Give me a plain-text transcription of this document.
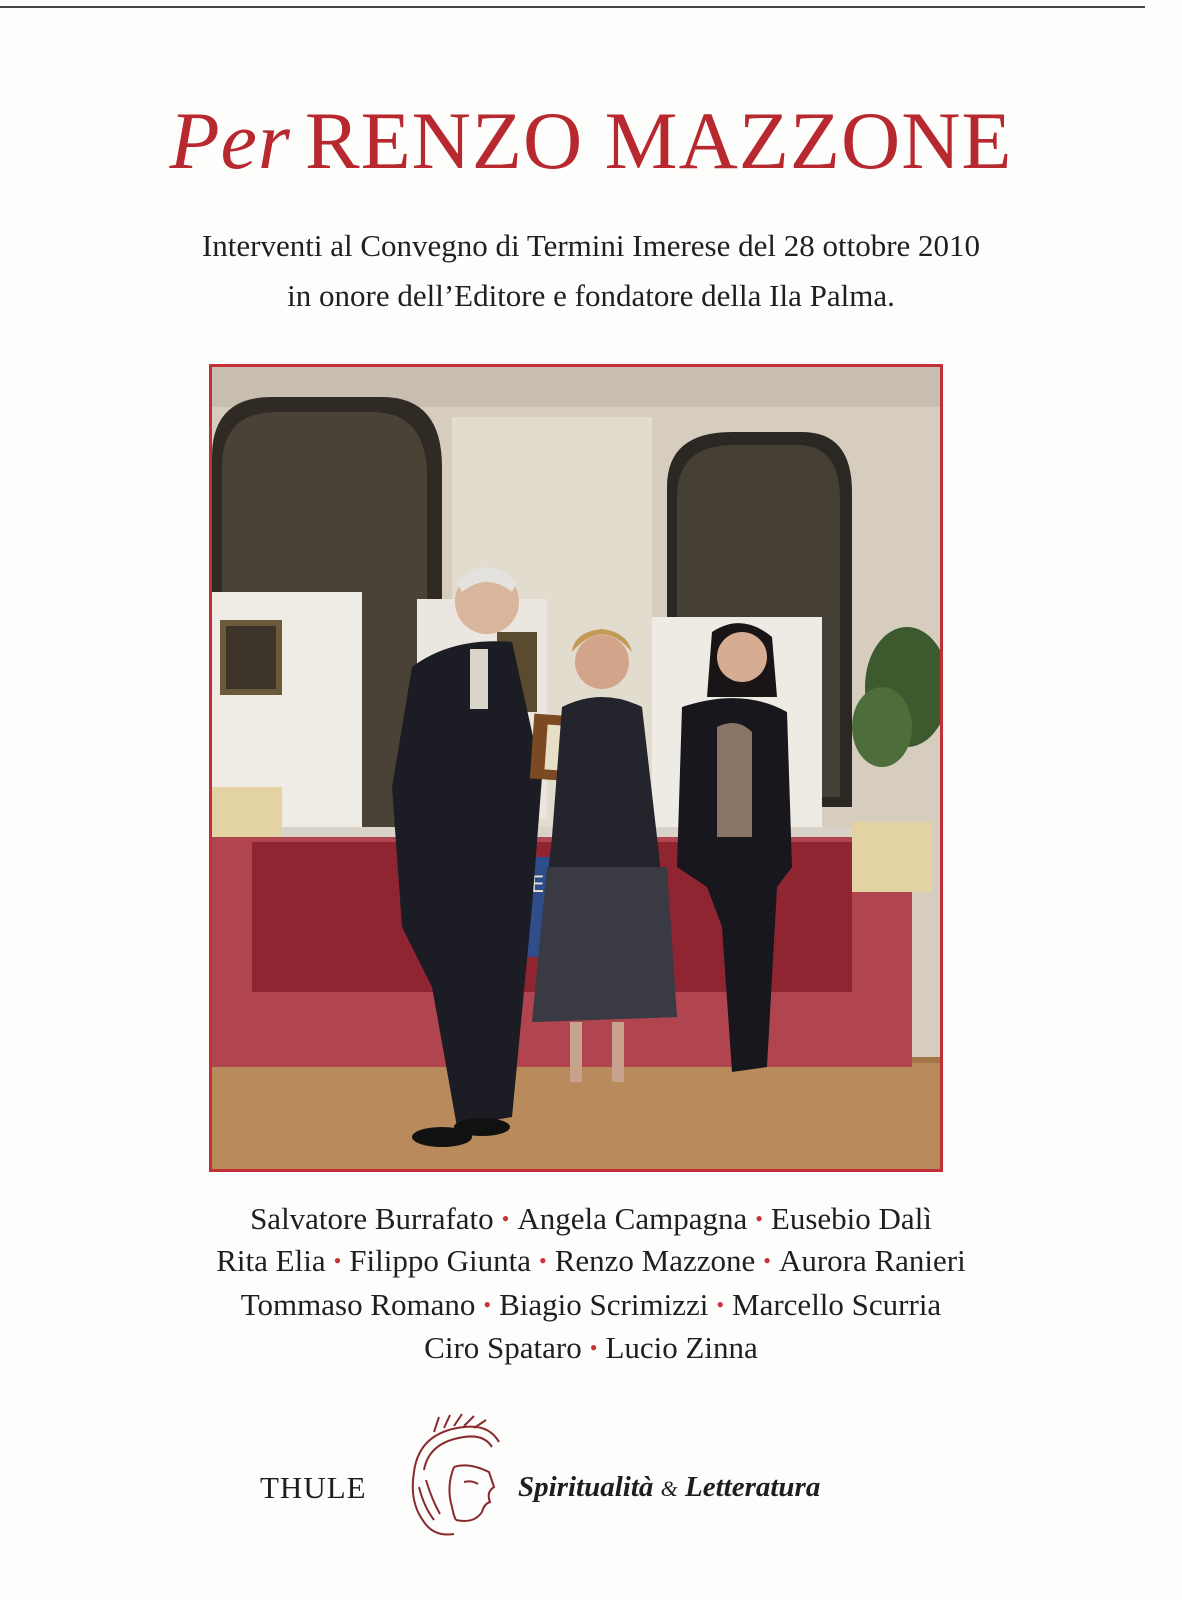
Per RENZO MAZZONE
Interventi al Convegno di Termini Imerese del 28 ottobre 2010
in onore dell’Editore e fondatore della Ila Palma.
Salvatore Burrafato • Angela Campagna • Eusebio Dalì
Rita Elia • Filippo Giunta • Renzo Mazzone • Aurora Ranieri
Tommaso Romano • Biagio Scrimizzi • Marcello Scurria
Ciro Spataro • Lucio Zinna
THULE	Spiritualità & Letteratura
